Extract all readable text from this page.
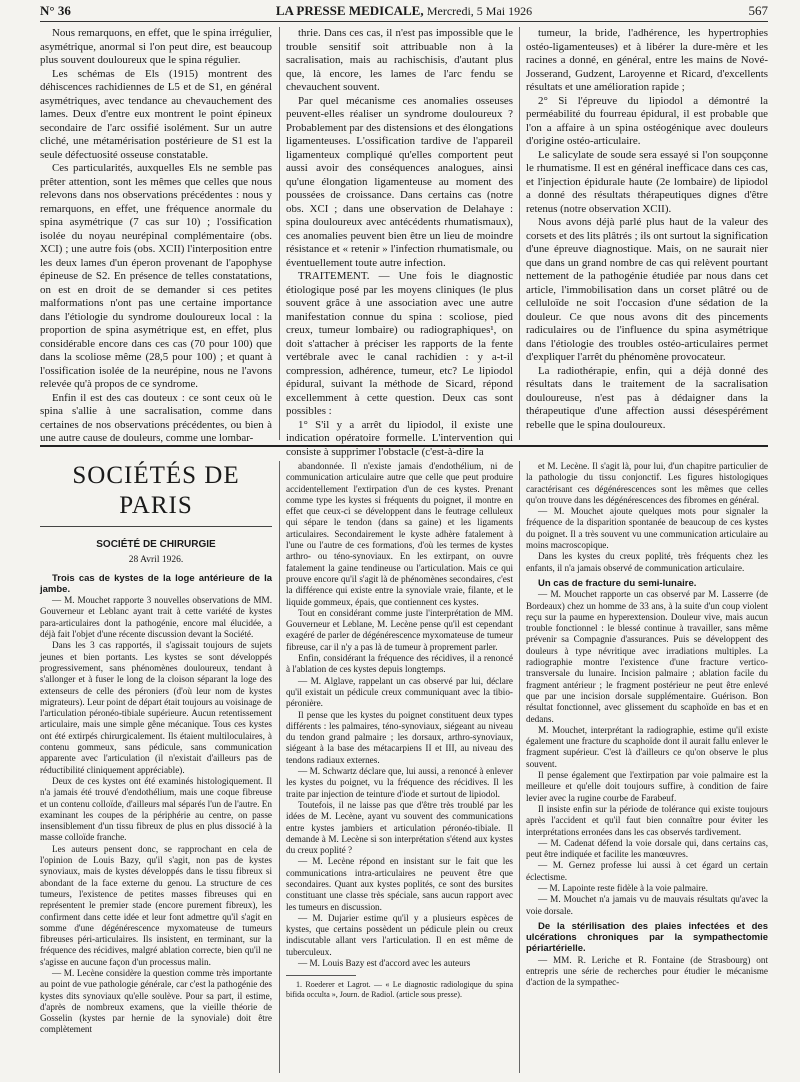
N° 36	LA PRESSE MEDICALE, Mercredi, 5 Mai 1926	567

Nous remarquons, en effet, que le spina irrégulier, asymétrique, anormal si l'on peut dire, est beaucoup plus souvent douloureux que le spina régulier.

Les schémas de Els (1915) montrent des déhiscences rachidiennes de L5 et de S1, en général asymétriques, avec tendance au chevauchement des lames. Deux d'entre eux montrent le point épineux secondaire de l'arc ossifié isolément. Sur un autre cliché, une métamérisation postérieure de S1 est la seule défectuosité osseuse constatable.

Ces particularités, auxquelles Els ne semble pas prêter attention, sont les mêmes que celles que nous relevons dans nos observations précédentes : nous y remarquons, en effet, une fréquence anormale du spina asymétrique (7 cas sur 10) ; l'ossification isolée du noyau neurépinal complémentaire (obs. XCI) ; une autre fois (obs. XCII) l'interposition entre les deux lames d'un éperon provenant de l'apophyse épineuse de S2. En présence de telles constatations, on est en droit de se demander si ces petites malformations n'ont pas une certaine importance dans l'étiologie du syndrome douloureux local : la proportion de spina asymétrique est, en effet, plus considérable encore dans ces cas (70 pour 100) que dans la scoliose même (28,5 pour 100) ; et quant à l'ossification isolée de la neurépine, nous ne l'avons relevée qu'à propos de ce syndrome.

Enfin il est des cas douteux : ce sont ceux où le spina s'allie à une sacralisation, comme dans certaines de nos observations précédentes, ou bien à une autre cause de douleurs, comme une lombar-

thrie. Dans ces cas, il n'est pas impossible que le trouble sensitif soit attribuable non à la sacralisation, mais au rachischisis, d'autant plus que, là encore, les lames de l'arc fendu se chevauchent souvent.

Par quel mécanisme ces anomalies osseuses peuvent-elles réaliser un syndrome douloureux ? Probablement par des distensions et des élongations ligamenteuses. L'ossification tardive de l'appareil ligamenteux compliqué qu'elles comportent peut aussi avoir des conséquences analogues, ainsi qu'une élongation ligamenteuse au moment des poussées de croissance. Dans certains cas (notre obs. XCI ; dans une observation de Delahaye : spina douloureux avec antécédents rhumatismaux), ces anomalies peuvent bien être un lieu de moindre résistance et « retenir » l'infection rhumatismale, ou éventuellement toute autre infection.

TRAITEMENT. — Une fois le diagnostic étiologique posé par les moyens cliniques (le plus souvent grâce à une association avec une autre manifestation connue du spina : scoliose, pied creux, tumeur lombaire) ou radiographiques¹, on doit s'attacher à préciser les rapports de la fente vertébrale avec le canal rachidien : y a-t-il compression, adhérence, tumeur, etc? Le lipiodol épidural, suivant la méthode de Sicard, répond excellemment à cette question. Deux cas sont possibles :

1° S'il y a arrêt du lipiodol, il existe une indication opératoire formelle. L'intervention qui consiste à supprimer l'obstacle (c'est-à-dire la

tumeur, la bride, l'adhérence, les hypertrophies ostéo-ligamenteuses) et à libérer la dure-mère et les racines a donné, en général, entre les mains de Nové-Josserand, Gudzent, Laroyenne et Ricard, d'excellents résultats et une amélioration rapide ;

2° Si l'épreuve du lipiodol a démontré la perméabilité du fourreau épidural, il est probable que l'on a affaire à un spina ostéogénique avec douleurs d'origine ostéo-articulaire.

Le salicylate de soude sera essayé si l'on soupçonne le rhumatisme. Il est en général inefficace dans ces cas, et l'injection épidurale haute (2e lombaire) de lipiodol a donné des résultats thérapeutiques dignes d'être retenus (notre observation XCII).

Nous avons déjà parlé plus haut de la valeur des corsets et des lits plâtrés ; ils ont surtout la signification d'une épreuve diagnostique. Mais, on ne saurait nier que dans un grand nombre de cas qui relèvent pourtant nettement de la pathogénie étudiée par nous dans cet article, l'immobilisation dans un corset plâtré ou de celluloïde ne soit l'occasion d'une sédation de la douleur. Ce que nous avons dit des pincements radiculaires ou de l'influence du spina asymétrique dans l'étiologie des troubles ostéo-articulaires permet d'expliquer l'arrêt du phénomène provocateur.

La radiothérapie, enfin, qui a déjà donné des résultats dans le traitement de la sacralisation douloureuse, n'est pas à dédaigner dans la thérapeutique d'une affection aussi désespérément rebelle que le spina douloureux.

SOCIÉTÉS DE PARIS
SOCIÉTÉ DE CHIRURGIE
28 Avril 1926.
Trois cas de kystes de la loge antérieure de la jambe.

— M. Mouchet rapporte 3 nouvelles observations de MM. Gouverneur et Leblanc ayant trait à cette variété de kystes para-articulaires dont la pathogénie, encore mal élucidée, a déjà fait l'objet d'une récente discussion devant la Société.

Dans les 3 cas rapportés, il s'agissait toujours de sujets jeunes et bien portants. Les kystes se sont développés progressivement, sans phénomènes douloureux, tendant à s'allonger et à fuser le long de la cloison séparant la loge des extenseurs de celle des péroniers (d'où leur nom de kystes migrateurs). Leur point de départ était toujours au voisinage de l'articulation péronéo-tibiale supérieure. Aucun retentissement articulaire, mais une simple gêne mécanique. Tous ces kystes ont été extirpés chirurgicalement. Ils étaient multiloculaires, à contenu gommeux, sans pédicule, sans communication apparente avec l'articulation (il n'existait d'ailleurs pas de réductibilité cliniquement appréciable).

Deux de ces kystes ont été examinés histologiquement. Il n'a jamais été trouvé d'endothélium, mais une coque fibreuse et un contenu colloïde, d'ailleurs mal séparés l'un de l'autre. En examinant les coupes de la périphérie au centre, on passe insensiblement d'un tissu fibreux de plus en plus dissocié à la masse colloïde franche.

Les auteurs pensent donc, se rapprochant en cela de l'opinion de Louis Bazy, qu'il s'agit, non pas de kystes synoviaux, mais de kystes développés dans le tissu fibreux si abondant de la face externe du genou. La structure de ces tumeurs, l'existence de petites masses fibreuses qui en représentent le premier stade (encore purement fibreux), les confirment dans cette idée et leur font admettre qu'il s'agit en somme d'une dégénérescence myxomateuse de tumeurs fibreuses péri-articulaires. Ils insistent, en terminant, sur la fréquence des récidives, malgré ablation correcte, bien qu'il ne s'agisse en aucune façon d'un processus malin.

— M. Lecène considère la question comme très importante au point de vue pathologie générale, car c'est la pathogénie des kystes dits synoviaux qu'elle soulève. Pour sa part, il estime, d'après de nombreux examens, que la vieille théorie de Gosselin (kystes par hernie de la synoviale) doit être complètement

abandonnée. Il n'existe jamais d'endothélium, ni de communication articulaire autre que celle que peut produire accidentellement l'extirpation d'un de ces kystes. Prenant comme type les kystes si fréquents du poignet, il montre en effet que ceux-ci se développent dans le feutrage celluleux qui sépare le tendon (dans sa gaine) et les ligaments articulaires. Secondairement le kyste adhère fatalement à l'une ou l'autre de ces formations, d'où les termes de kystes arthro- ou téno-synoviaux. En les extirpant, on ouvre fatalement la gaine tendineuse ou l'articulation. Mais ce qui prouve encore qu'il s'agit là de phénomènes secondaires, c'est la différence qui existe entre la synoviale vraie, filante, et le liquide gommeux, épais, que contiennent ces kystes.

Tout en considérant comme juste l'interprétation de MM. Gouverneur et Leblane, M. Lecène pense qu'il est cependant exagéré de parler de dégénérescence myxomateuse de tumeur fibreuse, car il n'y a pas là de tumeur à proprement parler.

Enfin, considérant la fréquence des récidives, il a renoncé à l'ablation de ces kystes depuis longtemps.

— M. Alglave, rappelant un cas observé par lui, déclare qu'il existait un pédicule creux communiquant avec la tibio-péronière.

Il pense que les kystes du poignet constituent deux types différents : les palmaires, téno-synoviaux, siégeant au niveau du tendon grand palmaire ; les dorsaux, arthro-synoviaux, siégeant à la base des métacarpiens II et III, au niveau des tendons radiaux externes.

— M. Schwartz déclare que, lui aussi, a renoncé à enlever les kystes du poignet, vu la fréquence des récidives. Il les traite par injection de teinture d'iode et surtout de lipiodol.

Toutefois, il ne laisse pas que d'être très troublé par les idées de M. Lecène, ayant vu souvent des communications entre kystes jambiers et articulation péronéo-tibiale. Il demande à M. Lecène si son interprétation s'étend aux kystes du creux poplité ?

— M. Lecène répond en insistant sur le fait que les communications intra-articulaires ne peuvent être que secondaires. Quant aux kystes poplités, ce sont des bursites constituant une classe très spéciale, sans aucun rapport avec les tumeurs en discussion.

— M. Dujarier estime qu'il y a plusieurs espèces de kystes, que certains possèdent un pédicule plein ou creux indiscutable allant vers l'articulation. Il en est même de tuberculeux.

— M. Louis Bazy est d'accord avec les auteurs

1. Roederer et Lagrot. — « Le diagnostic radiologique du spina bifida occulta », Journ. de Radiol. (article sous presse).

et M. Lecène. Il s'agit là, pour lui, d'un chapitre particulier de la pathologie du tissu conjonctif. Les figures histologiques caractérisant ces dégénérescences sont les mêmes que celles qu'on trouve dans les dégénérescences des fibromes en général.

— M. Mouchet ajoute quelques mots pour signaler la fréquence de la disparition spontanée de beaucoup de ces kystes du poignet. Il a très souvent vu une communication articulaire au moins macroscopique.

Dans les kystes du creux poplité, très fréquents chez les enfants, il n'a jamais observé de communication articulaire.

Un cas de fracture du semi-lunaire.

— M. Mouchet rapporte un cas observé par M. Lasserre (de Bordeaux) chez un homme de 33 ans, à la suite d'un coup violent reçu sur la paume en hyperextension. Douleur vive, mais aucun trouble fonctionnel : le blessé continue à travailler, sans même prévenir sa Compagnie d'assurances. Puis se développent des douleurs à type névritique avec irradiations multiples. La radiographie montre l'existence d'une fracture vertico-transversale du lunaire. Incision palmaire ; ablation facile du fragment antérieur ; le fragment postérieur ne peut être enlevé que par une incision dorsale supplémentaire. Guérison. Bon résultat fonctionnel, avec glissement du scaphoïde en bas et en dedans.

M. Mouchet, interprétant la radiographie, estime qu'il existe également une fracture du scaphoïde dont il aurait fallu enlever le fragment supérieur. C'est là d'ailleurs ce qu'on observe le plus souvent.

Il pense également que l'extirpation par voie palmaire est la meilleure et qu'elle doit toujours suffire, à condition de faire levier avec la rugine courbe de Farabeuf.

Il insiste enfin sur la période de tolérance qui existe toujours après l'accident et qu'il faut bien connaître pour éviter les interprétations erronées dans les cas observés tardivement.

— M. Cadenat défend la voie dorsale qui, dans certains cas, peut être indiquée et facilite les manœuvres.

— M. Gernez professe lui aussi à cet égard un certain éclectisme.

— M. Lapointe reste fidèle à la voie palmaire.

— M. Mouchet n'a jamais vu de mauvais résultats qu'avec la voie dorsale.

De la stérilisation des plaies infectées et des ulcérations chroniques par la sympathectomie périartérielle.

— MM. R. Leriche et R. Fontaine (de Strasbourg) ont entrepris une série de recherches pour étudier le mécanisme d'action de la sympathec-
